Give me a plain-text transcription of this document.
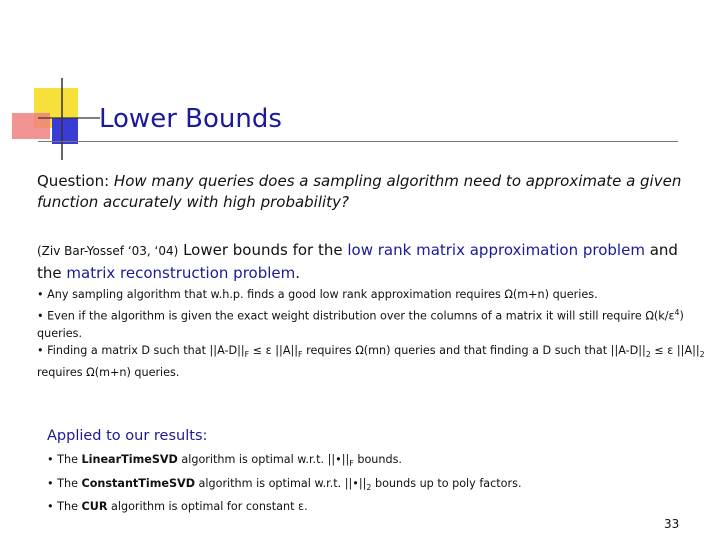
Lower Bounds
Question: How many queries does a sampling algorithm need to approximate a given function accurately with high probability?
(Ziv Bar-Yossef ‘03, ‘04) Lower bounds for the low rank matrix approximation problem and the matrix reconstruction problem.

• Any sampling algorithm that w.h.p. finds a good low rank approximation requires Ω(m+n) queries.

• Even if the algorithm is given the exact weight distribution over the columns of a matrix it will still require $\Omega(k/\varepsilon^4)$ queries.

• Finding a matrix D such that $||A-D||_F \le \varepsilon$ $||A||_F$ requires Ω(mn) queries and that finding a D such that $||A-D||_2 \le \varepsilon$ $||A||_2$ requires Ω(m+n) queries.

Applied to our results:

• The LinearTimeSVD algorithm is optimal w.r.t. $||•||_F$ bounds.

• The ConstantTimeSVD algorithm is optimal w.r.t. $||•||_2$ bounds up to poly factors.

• The CUR algorithm is optimal for constant ε.

33
